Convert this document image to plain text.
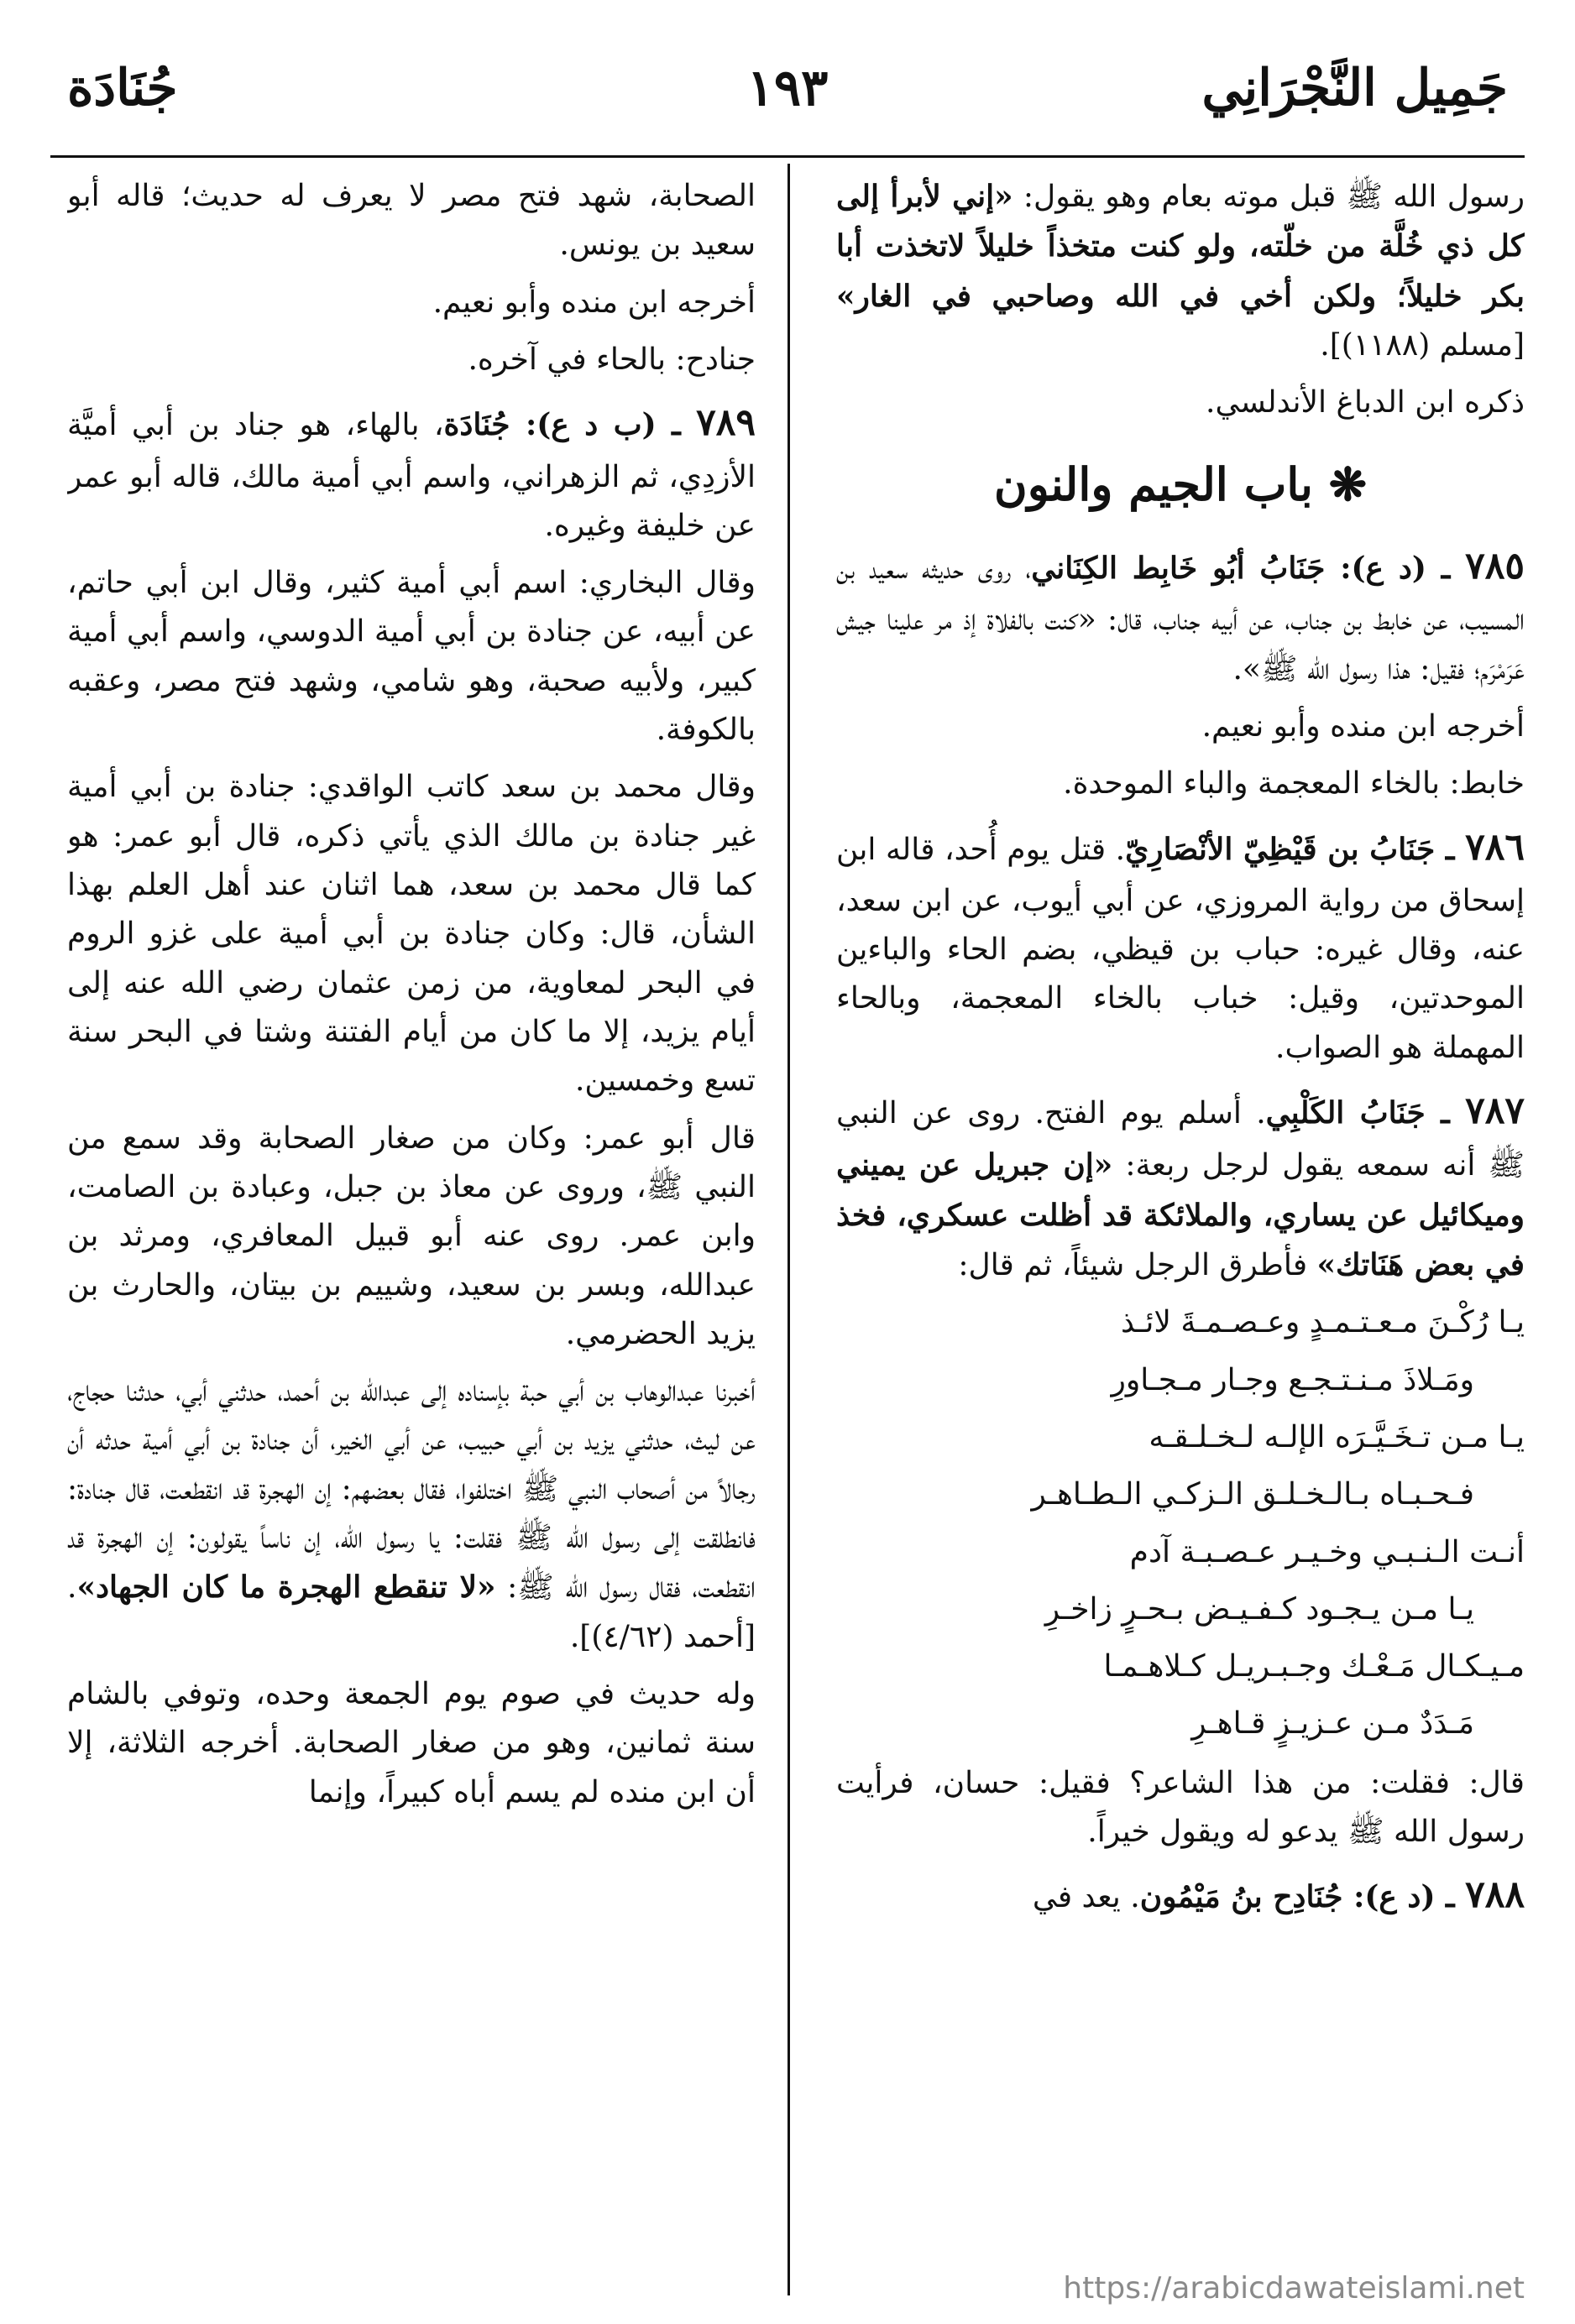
جَمِيل النَّجْرَانِي
١٩٣
جُنَادَة

رسول الله ﷺ قبل موته بعام وهو يقول: «إني لأبرأ إلى كل ذي خُلَّة من خلّته، ولو كنت متخذاً خليلاً لاتخذت أبا بكر خليلاً؛ ولكن أخي في الله وصاحبي في الغار» [مسلم (١١٨٨)].

ذكره ابن الدباغ الأندلسي.

❋ باب الجيم والنون

٧٨٥ ـ (د ع): جَنَابُ أبُو خَابِط الكِنَاني، روى حديثه سعيد بن المسيب، عن خابط بن جناب، عن أبيه جناب، قال: «كنت بالفلاة إذ مر علينا جيش عَرَمْرَم؛ فقيل: هذا رسول الله ﷺ».

أخرجه ابن منده وأبو نعيم.

خابط: بالخاء المعجمة والباء الموحدة.

٧٨٦ ـ جَنَابُ بن قَيْظِيّ الأنْصَارِيّ. قتل يوم أُحد، قاله ابن إسحاق من رواية المروزي، عن أبي أيوب، عن ابن سعد، عنه، وقال غيره: حباب بن قيظي، بضم الحاء والباءين الموحدتين، وقيل: خباب بالخاء المعجمة، وبالحاء المهملة هو الصواب.

٧٨٧ ـ جَنَابُ الكَلْبِي. أسلم يوم الفتح. روى عن النبي ﷺ أنه سمعه يقول لرجل ربعة: «إن جبريل عن يميني وميكائيل عن يساري، والملائكة قد أظلت عسكري، فخذ في بعض هَنَاتك» فأطرق الرجل شيئاً، ثم قال:

يـا رُكْـنَ مـعـتـمـدٍ وعـصـمـةَ لائـذ

ومَـلاذَ مـنـتـجـع وجـار مـجـاورِ

يـا مـن تـخَـيَّـرَه الإلـه لـخـلـقـه

فـحـبـاه بـالـخـلـق الـزكـي الـطـاهـر

أنـت الـنـبـي وخـيـر عـصـبـة آدم

يـا مـن يـجـود كـفـيـض بـحـرٍ زاخـرِ

مـيـكـال مَـعْـك وجـبـريـل كـلاهـمـا

مَـدَدٌ مـن عـزيـزٍ قـاهـرِ

قال: فقلت: من هذا الشاعر؟ فقيل: حسان، فرأيت رسول الله ﷺ يدعو له ويقول خيراً.

٧٨٨ ـ (د ع): جُنَادِح بنُ مَيْمُون. يعد في

الصحابة، شهد فتح مصر لا يعرف له حديث؛ قاله أبو سعيد بن يونس.

أخرجه ابن منده وأبو نعيم.

جنادح: بالحاء في آخره.

٧٨٩ ـ (ب د ع): جُنَادَة، بالهاء، هو جناد بن أبي أميَّة الأزدِي، ثم الزهراني، واسم أبي أمية مالك، قاله أبو عمر عن خليفة وغيره.

وقال البخاري: اسم أبي أمية كثير، وقال ابن أبي حاتم، عن أبيه، عن جنادة بن أبي أمية الدوسي، واسم أبي أمية كبير، ولأبيه صحبة، وهو شامي، وشهد فتح مصر، وعقبه بالكوفة.

وقال محمد بن سعد كاتب الواقدي: جنادة بن أبي أمية غير جنادة بن مالك الذي يأتي ذكره، قال أبو عمر: هو كما قال محمد بن سعد، هما اثنان عند أهل العلم بهذا الشأن، قال: وكان جنادة بن أبي أمية على غزو الروم في البحر لمعاوية، من زمن عثمان رضي الله عنه إلى أيام يزيد، إلا ما كان من أيام الفتنة وشتا في البحر سنة تسع وخمسين.

قال أبو عمر: وكان من صغار الصحابة وقد سمع من النبي ﷺ، وروى عن معاذ بن جبل، وعبادة بن الصامت، وابن عمر. روى عنه أبو قبيل المعافري، ومرثد بن عبدالله، وبسر بن سعيد، وشييم بن بيتان، والحارث بن يزيد الحضرمي.

أخبرنا عبدالوهاب بن أبي حبة بإسناده إلى عبدالله بن أحمد، حدثني أبي، حدثنا حجاج، عن ليث، حدثني يزيد بن أبي حبيب، عن أبي الخير، أن جنادة بن أبي أمية حدثه أن رجالاً من أصحاب النبي ﷺ اختلفوا، فقال بعضهم: إن الهجرة قد انقطعت، قال جنادة: فانطلقت إلى رسول الله ﷺ فقلت: يا رسول الله، إن ناساً يقولون: إن الهجرة قد انقطعت، فقال رسول الله ﷺ: «لا تنقطع الهجرة ما كان الجهاد». [أحمد (٤/٦٢)].

وله حديث في صوم يوم الجمعة وحده، وتوفي بالشام سنة ثمانين، وهو من صغار الصحابة. أخرجه الثلاثة، إلا أن ابن منده لم يسم أباه كبيراً، وإنما

https://arabicdawateislami.net
